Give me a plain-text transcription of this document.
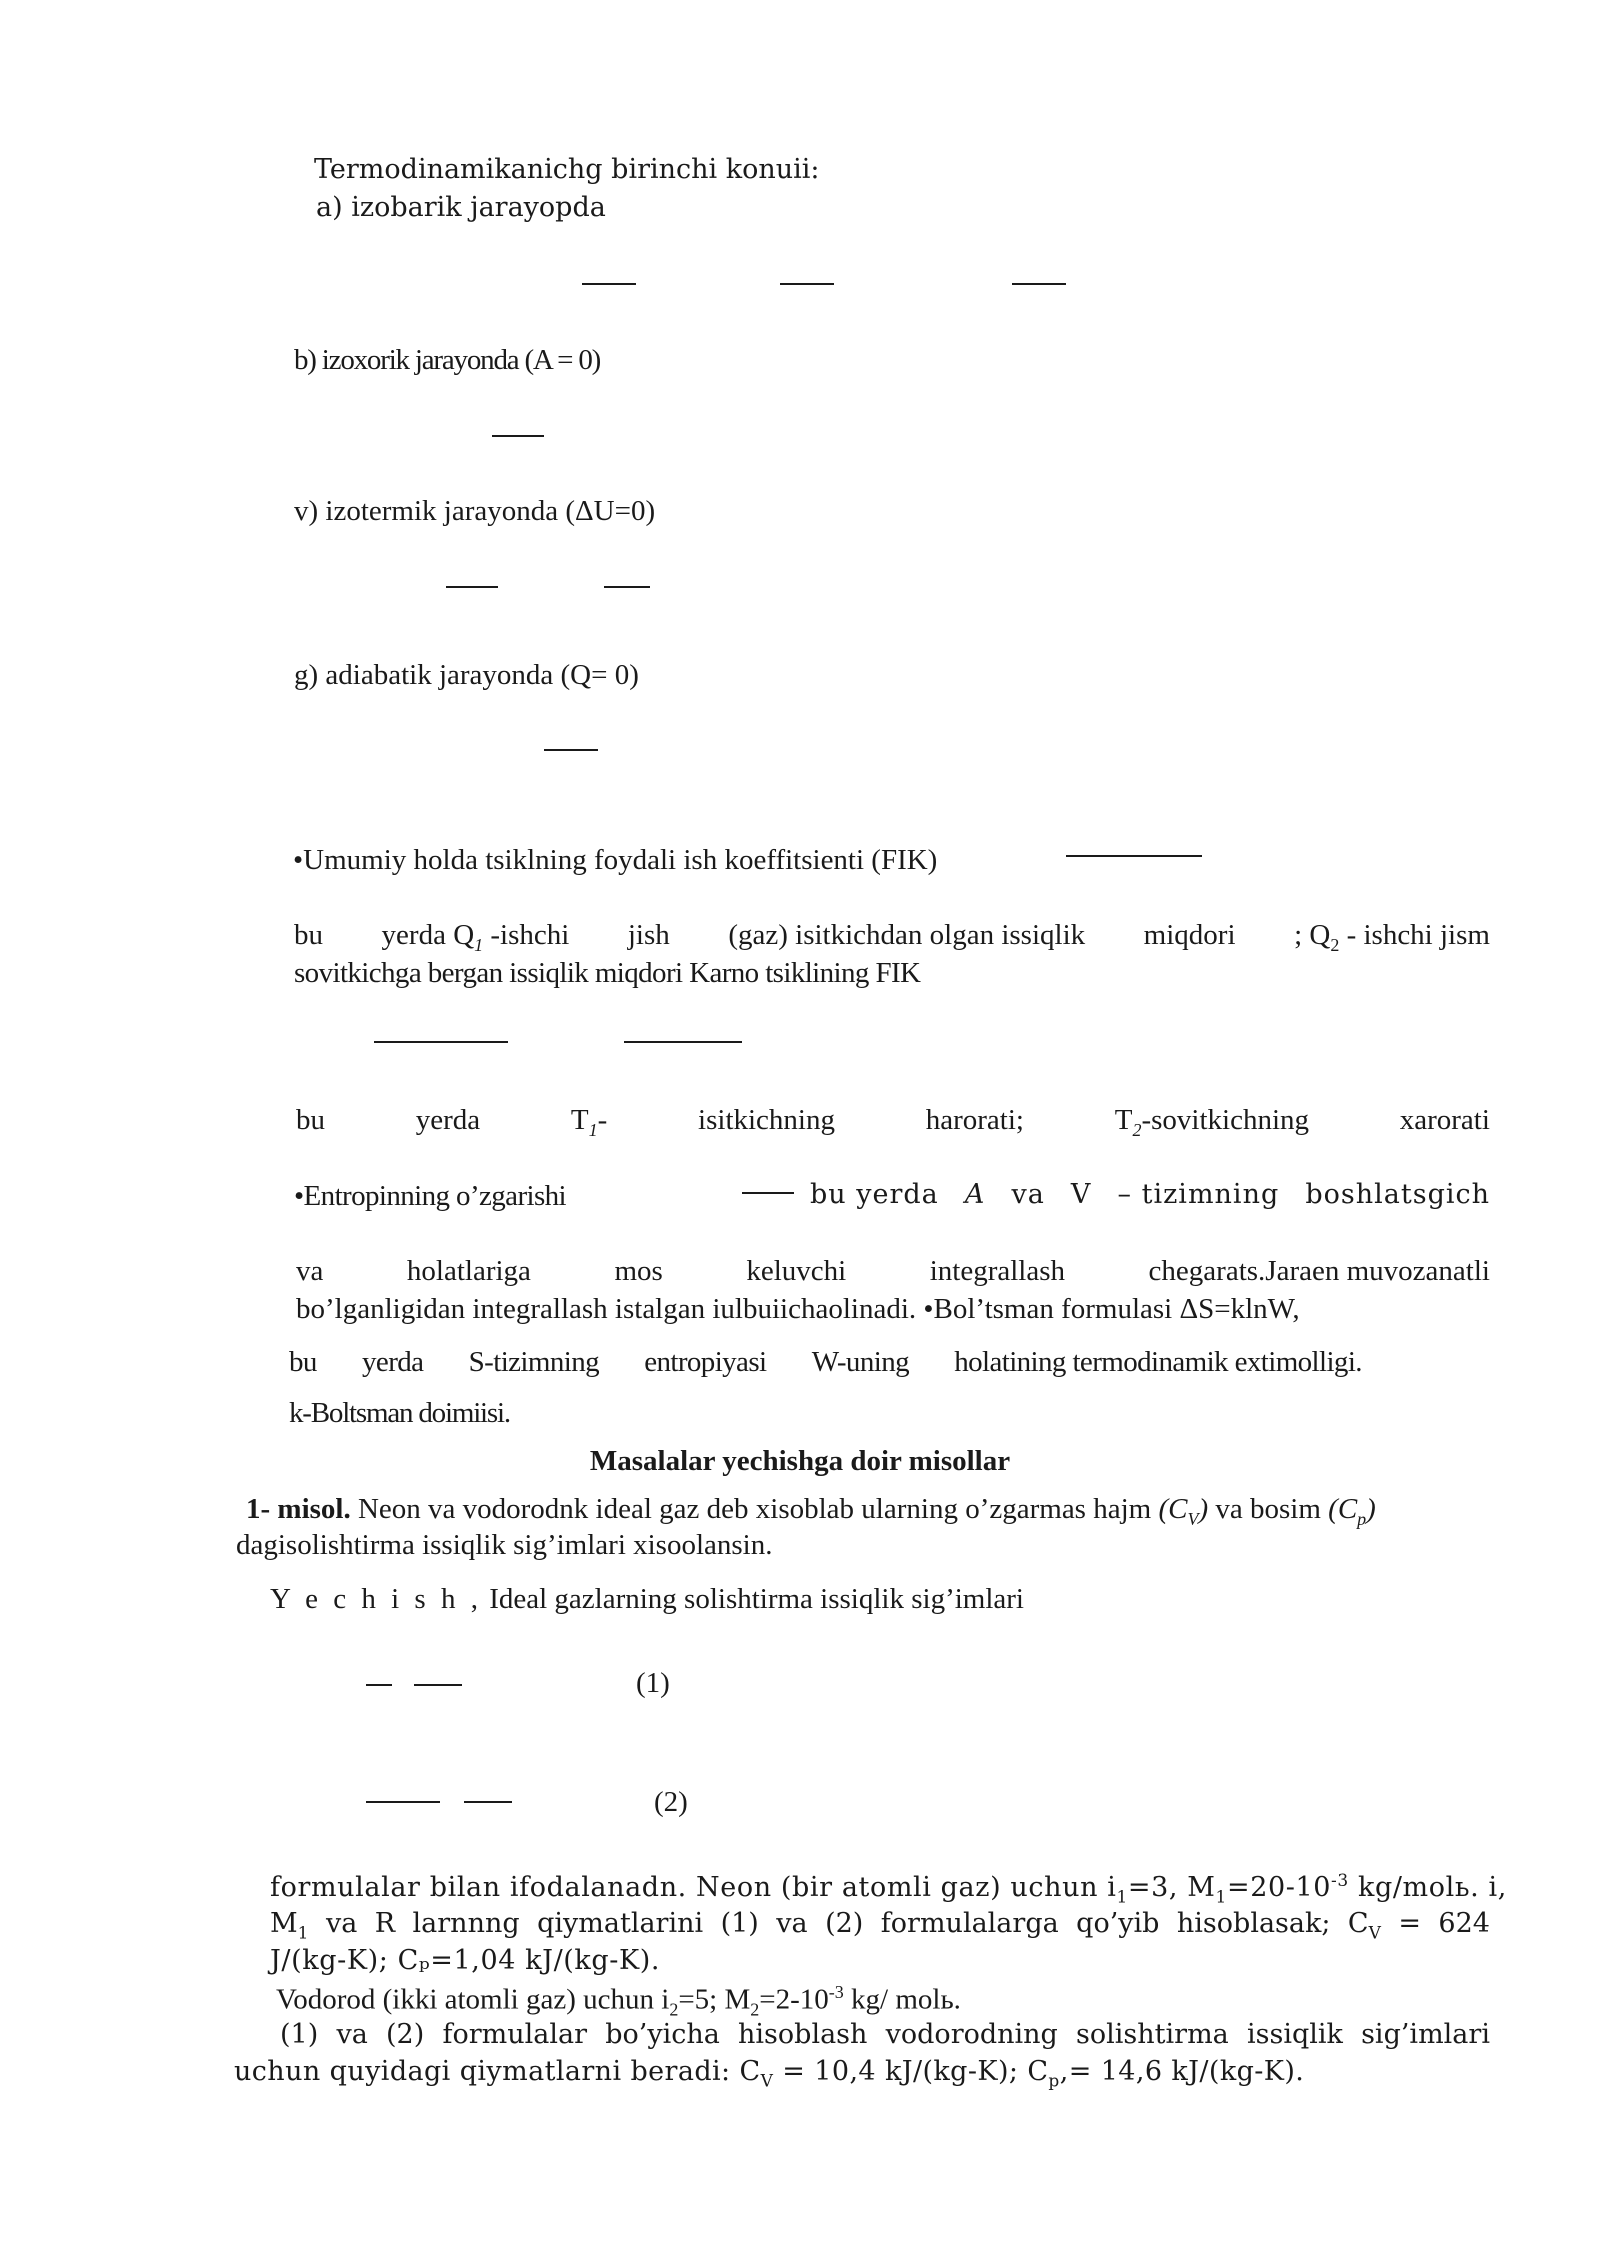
Termodinamikanichg birinchi konuii:
a) izobarik jarayopda
b) izoxorik jarayonda (A = 0)
v) izotermik jarayonda (ΔU=0)
g) adiabatik jarayonda (Q= 0)
•Umumiy holda tsiklning foydali ish koeffitsienti (FIK)
bu yerda $Q_1$ -ishchi jish (gaz) isitkichdan olgan issiqlik miqdori ; $Q_2$ - ishchi jism
sovitkichga bergan issiqlik miqdori Karno tsiklining FIK
bu	yerda	$T_1-$	isitkichning	harorati;	$T_2$-sovitkichning	xarorati
•Entropinning o’zgarishi	bu yerda A va V – tizimning boshlatsgich
va	holatlariga	mos	keluvchi	integrallash	chegarats.Jaraen muvozanatli
bo’lganligidan integrallash istalgan iulbuiichaolinadi. •Bol’tsman formulasi ΔS=klnW,
bu yerda S-tizimning entropiyasi W-uning holatining termodinamik extimolligi.
k-Boltsman doimiisi.
Masalalar yechishga doir misollar
1- misol. Neon va vodorodnk ideal gaz deb xisoblab ularning o’zgarmas hajm $(C_V)$ va bosim $(C_p)$
dagisolishtirma issiqlik sig’imlari xisoolansin.
Y e c h i s h , Ideal gazlarning solishtirma issiqlik sig’imlari
(1)
(2)
formulalar bilan ifodalanadn. Neon (bir atomli gaz) uchun $i_1=3$, $M_1=20-10^{-3}$ kg/molь. i,
$M_1$ va R larnnng qiymatlarini (1) va (2) formulalarga qo’yib hisoblasak; $C_V = 624$
J/(kg-K); Cₚ=1,04 kJ/(kg-K).
Vodorod (ikki atomli gaz) uchun $i_2=5$; $M_2=2-10^{-3}$ kg/ molь.
(1) va (2) formulalar bo’yicha hisoblash vodorodning solishtirma issiqlik sig’imlari
uchun quyidagi qiymatlarni beradi: $C_V = 10,4$ kJ/(kg-K); $C_p,= 14,6$ kJ/(kg-K).
